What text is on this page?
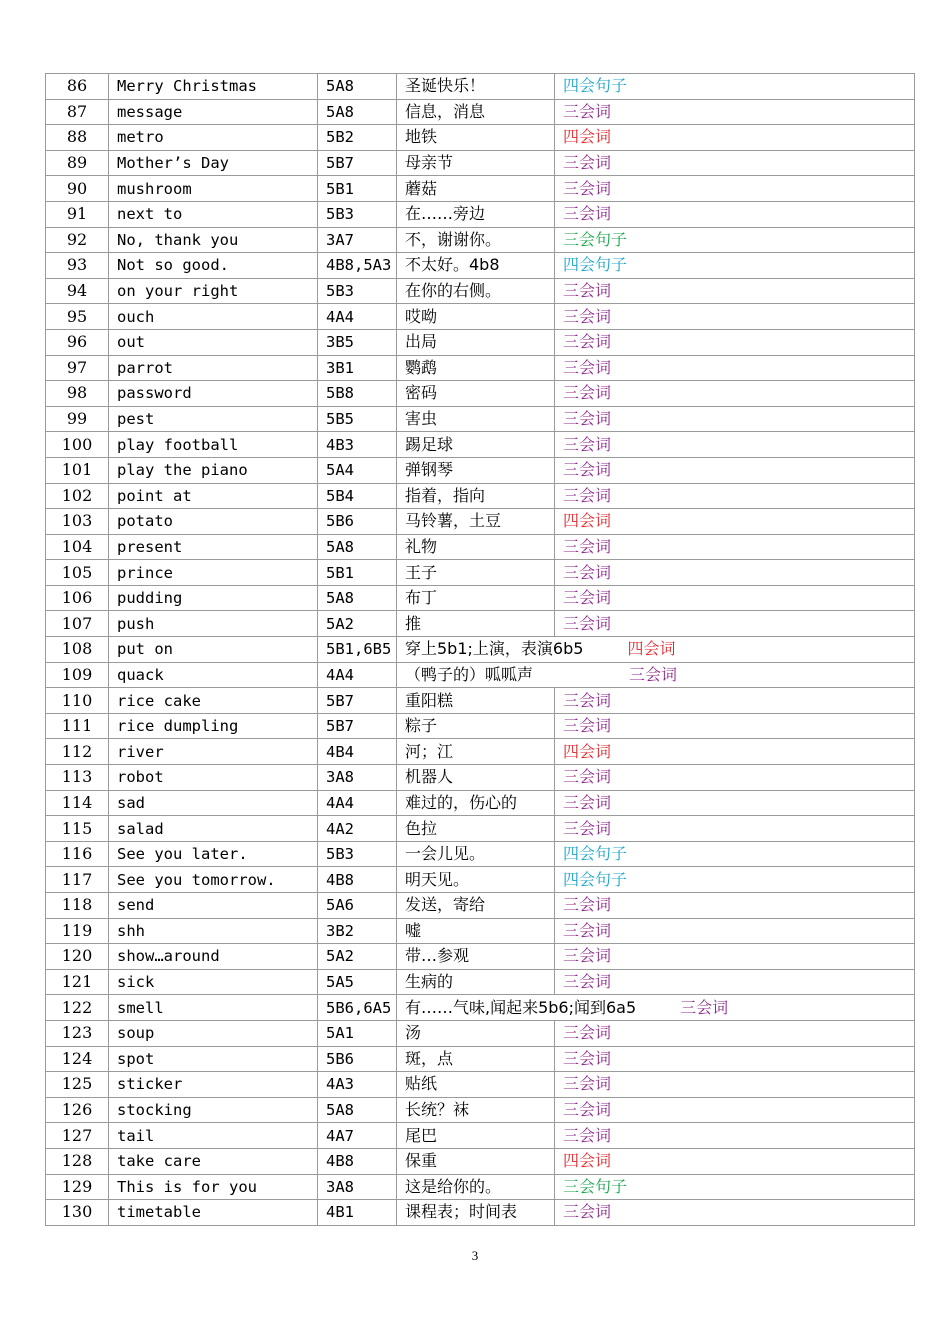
86	Merry Christmas	5A8	圣诞快乐！	四会句子
87	message	5A8	信息，消息	三会词
88	metro	5B2	地铁	四会词
89	Mother’s Day	5B7	母亲节	三会词
90	mushroom	5B1	蘑菇	三会词
91	next to	5B3	在……旁边	三会词
92	No, thank you	3A7	不，谢谢你。	三会句子
93	Not so good.	4B8,5A3	不太好。4b8	四会句子
94	on your right	5B3	在你的右侧。	三会词
95	ouch	4A4	哎呦	三会词
96	out	3B5	出局	三会词
97	parrot	3B1	鹦鹉	三会词
98	password	5B8	密码	三会词
99	pest	5B5	害虫	三会词
100	play football	4B3	踢足球	三会词
101	play the piano	5A4	弹钢琴	三会词
102	point at	5B4	指着，指向	三会词
103	potato	5B6	马铃薯，土豆	四会词
104	present	5A8	礼物	三会词
105	prince	5B1	王子	三会词
106	pudding	5A8	布丁	三会词
107	push	5A2	推	三会词
108	put on	5B1,6B5	穿上5b1;上演，表演6b5 四会词	
109	quack	4A4	（鸭子的）呱呱声 三会词	
110	rice cake	5B7	重阳糕	三会词
111	rice dumpling	5B7	粽子	三会词
112	river	4B4	河；江	四会词
113	robot	3A8	机器人	三会词
114	sad	4A4	难过的，伤心的	三会词
115	salad	4A2	色拉	三会词
116	See you later.	5B3	一会儿见。	四会句子
117	See you tomorrow.	4B8	明天见。	四会句子
118	send	5A6	发送，寄给	三会词
119	shh	3B2	嘘	三会词
120	show…around	5A2	带…参观	三会词
121	sick	5A5	生病的	三会词
122	smell	5B6,6A5	有……气味,闻起来5b6;闻到6a5 三会词	
123	soup	5A1	汤	三会词
124	spot	5B6	斑，点	三会词
125	sticker	4A3	贴纸	三会词
126	stocking	5A8	长统？袜	三会词
127	tail	4A7	尾巴	三会词
128	take care	4B8	保重	四会词
129	This is for you	3A8	这是给你的。	三会句子
130	timetable	4B1	课程表；时间表	三会词
3
